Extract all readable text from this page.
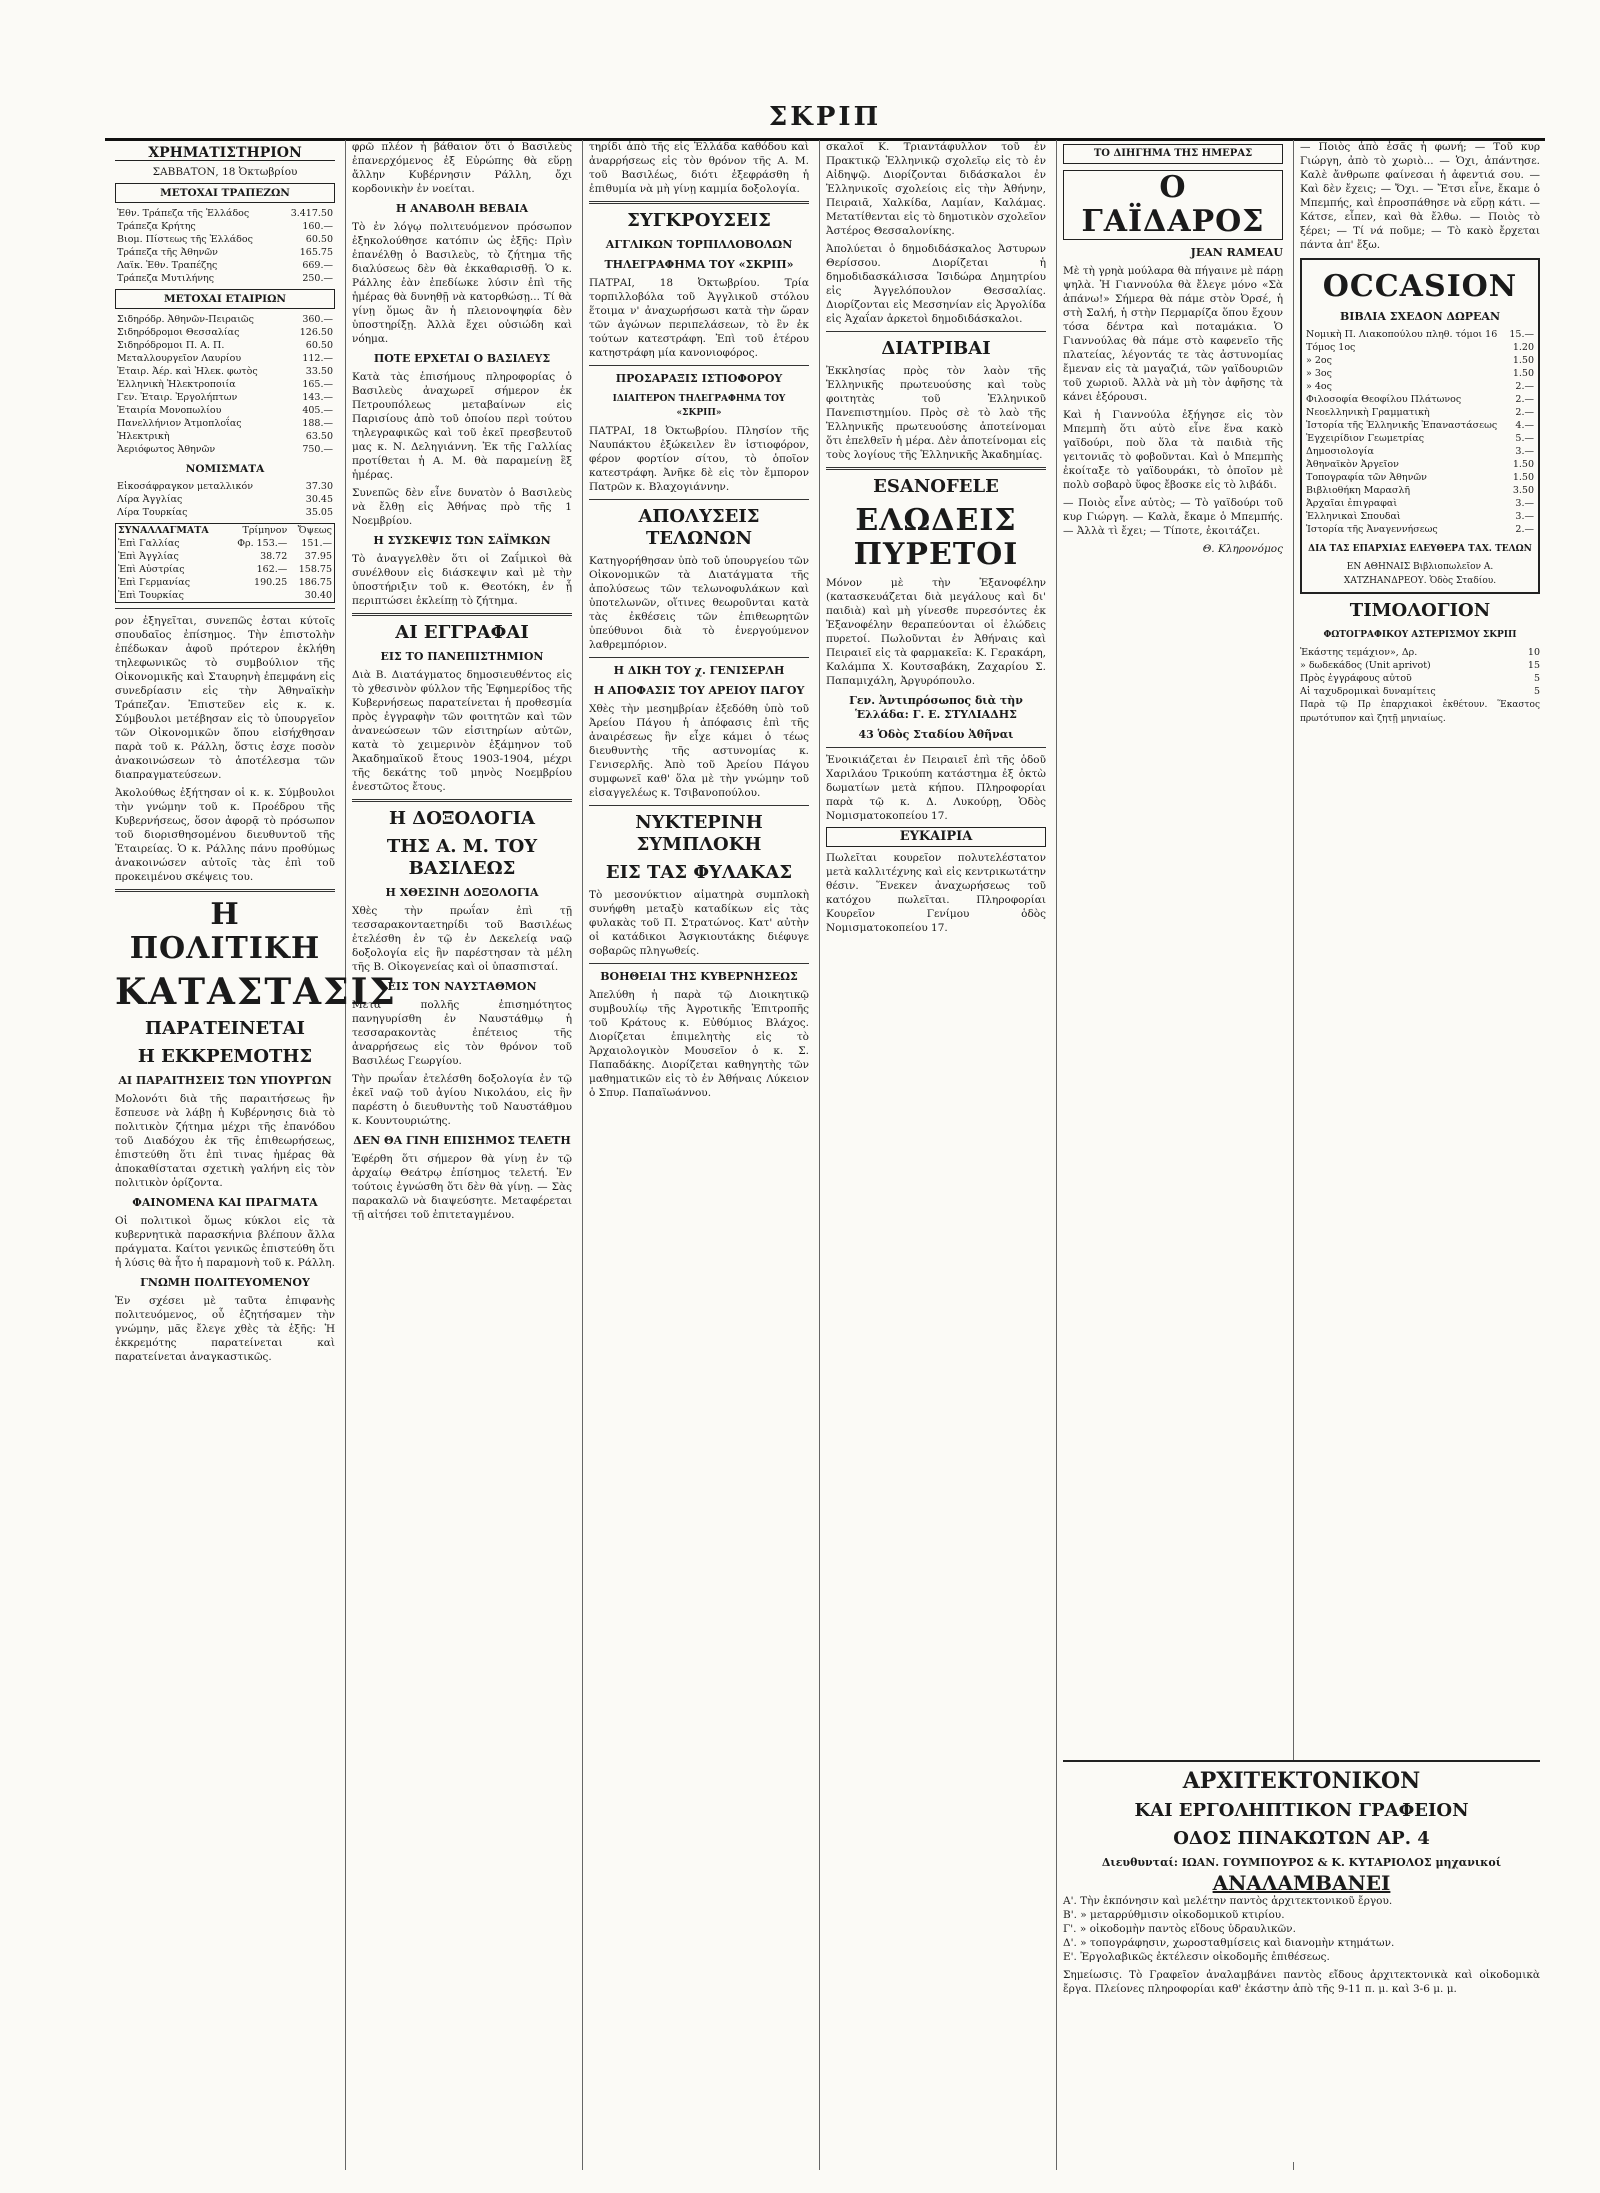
ΣΚΡΙΠ
ΧΡΗΜΑΤΙΣΤΗΡΙΟΝ
ΣΑΒΒΑΤΟΝ, 18 Ὀκτωβρίου
ΜΕΤΟΧΑΙ ΤΡΑΠΕΖΩΝ
Ἐθν. Τράπεζα τῆς Ἑλλάδος	3.417.50
Τράπεζα Κρήτης	160.—
Βιομ. Πίστεως τῆς Ἑλλάδος	60.50
Τράπεζα τῆς Ἀθηνῶν	165.75
Λαϊκ. Ἐθν. Τραπέζης	669.—
Τράπεζα Μυτιλήνης	250.—
ΜΕΤΟΧΑΙ ΕΤΑΙΡΙΩΝ
Σιδηρόδρ. Ἀθηνῶν-Πειραιῶς	360.—
Σιδηρόδρομοι Θεσσαλίας	126.50
Σιδηρόδρομοι Π. Α. Π.	60.50
Μεταλλουργεῖον Λαυρίου	112.—
Ἐταιρ. Ἀέρ. καὶ Ἠλεκ. φωτὸς	33.50
Ἑλληνικὴ Ἠλεκτροποιία	165.—
Γεν. Ἐταιρ. Ἐργολήπτων	143.—
Ἐταιρία Μονοπωλίου	405.—
Πανελλήνιον Ἀτμοπλοΐας	188.—
Ἠλεκτρικὴ	63.50
Ἀεριόφωτος Ἀθηνῶν	750.—
ΝΟΜΙΣΜΑΤΑ
Εἰκοσάφραγκον μεταλλικόν	37.30
Λίρα Ἀγγλίας	30.45
Λίρα Τουρκίας	35.05
ΣΥΝΑΛΛΑΓΜΑΤΑ	Τρίμηνον	Ὄψεως
Ἐπὶ Γαλλίας	Φρ. 153.—	151.—
Ἐπὶ Ἀγγλίας	38.72	37.95
Ἐπὶ Αὐστρίας	162.—	158.75
Ἐπὶ Γερμανίας	190.25	186.75
Ἐπὶ Τουρκίας		30.40

ρον ἐξηγεῖται, συνεπῶς ἐσται κύτοῖς σπουδαῖος ἐπίσημος. Τὴν ἐπιστολὴν ἐπέδωκαν ἀφοῦ πρότερον ἐκλήθη τηλεφωνικῶς τὸ συμβούλιον τῆς Οἰκονομικῆς καὶ Σταυρηνὴ ἐπεμφάνη εἰς συνεδρίασιν εἰς τὴν Ἀθηναϊκὴν Τράπεζαν. Ἐπιστεῦεν εἰς κ. κ. Σύμβουλοι μετέβησαν εἰς τὸ ὑπουργεῖον τῶν Οἰκονομικῶν ὅπου εἰσήχθησαν παρὰ τοῦ κ. Ράλλη, ὅστις ἐσχε ποσὸν ἀνακοινώσεων τὸ ἀποτέλεσμα τῶν διαπραγματεύσεων.

Ἀκολούθως ἐξήτησαν οἱ κ. κ. Σύμβουλοι τὴν γνώμην τοῦ κ. Προέδρου τῆς Κυβερνήσεως, ὅσον ἀφορᾷ τὸ πρόσωπον τοῦ διορισθησομένου διευθυντοῦ τῆς Ἐταιρείας. Ὁ κ. Ράλλης πάνυ προθύμως ἀνακοινώσεν αὐτοῖς τὰς ἐπὶ τοῦ προκειμένου σκέψεις του.

Η ΠΟΛΙΤΙΚΗ
ΚΑΤΑΣΤΑΣΙΣ
ΠΑΡΑΤΕΙΝΕΤΑΙ
Η ΕΚΚΡΕΜΟΤΗΣ
ΑΙ ΠΑΡΑΙΤΗΣΕΙΣ ΤΩΝ ΥΠΟΥΡΓΩΝ

Μολονότι διὰ τῆς παραιτήσεως ἣν ἔσπευσε νὰ λάβῃ ἡ Κυβέρνησις διὰ τὸ πολιτικὸν ζήτημα μέχρι τῆς ἐπανόδου τοῦ Διαδόχου ἐκ τῆς ἐπιθεωρήσεως, ἐπιστεύθη ὅτι ἐπὶ τινας ἡμέρας θὰ ἀποκαθίσταται σχετικὴ γαλήνη εἰς τὸν πολιτικὸν ὁρίζοντα.

ΦΑΙΝΟΜΕΝΑ ΚΑΙ ΠΡΑΓΜΑΤΑ

Οἱ πολιτικοὶ ὅμως κύκλοι εἰς τὰ κυβερνητικὰ παρασκήνια βλέπουν ἄλλα πράγματα. Καίτοι γενικῶς ἐπιστεύθη ὅτι ἡ λύσις θὰ ἦτο ἡ παραμονὴ τοῦ κ. Ράλλη.

ΓΝΩΜΗ ΠΟΛΙΤΕΥΟΜΕΝΟΥ

Ἐν σχέσει μὲ ταῦτα ἐπιφανὴς πολιτευόμενος, οὗ ἐζητήσαμεν τὴν γνώμην, μᾶς ἔλεγε χθὲς τὰ ἑξῆς: Ἡ ἐκκρεμότης παρατείνεται καὶ παρατείνεται ἀναγκαστικῶς.

φρῶ πλέον ἡ βάθαιον ὅτι ὁ Βασιλεὺς ἐπανερχόμενος ἐξ Εὐρώπης θὰ εὕρῃ ἄλλην Κυβέρνησιν Ράλλη, ὄχι κορδονικὴν ἐν νοείται.

Η ΑΝΑΒΟΛΗ ΒΕΒΑΙΑ

Τὸ ἐν λόγῳ πολιτευόμενον πρόσωπον ἐξηκολούθησε κατόπιν ὡς ἑξῆς: Πρὶν ἐπανέλθῃ ὁ Βασιλεὺς, τὸ ζήτημα τῆς διαλύσεως δὲν θὰ ἐκκαθαρισθῇ. Ὁ κ. Ράλλης ἐὰν ἐπεδίωκε λύσιν ἐπὶ τῆς ἡμέρας θὰ δυνηθῇ νὰ κατορθώσῃ... Τί θὰ γίνῃ ὅμως ἂν ἡ πλειονοψηφία δὲν ὑποστηρίξῃ. Ἀλλὰ ἔχει οὐσιώδη καὶ νόημα.

ΠΟΤΕ ΕΡΧΕΤΑΙ Ο ΒΑΣΙΛΕΥΣ

Κατὰ τὰς ἐπισήμους πληροφορίας ὁ Βασιλεὺς ἀναχωρεῖ σήμερον ἐκ Πετρουπόλεως μεταβαίνων εἰς Παρισίους ἀπὸ τοῦ ὁποίου περὶ τούτου τηλεγραφικῶς καὶ τοῦ ἐκεῖ πρεσβευτοῦ μας κ. Ν. Δεληγιάννη. Ἐκ τῆς Γαλλίας προτίθεται ἡ Α. Μ. θὰ παραμείνῃ ἓξ ἡμέρας.

Συνεπῶς δὲν εἶνε δυνατὸν ὁ Βασιλεὺς νὰ ἔλθῃ εἰς Ἀθήνας πρὸ τῆς 1 Νοεμβρίου.

Η ΣΥΣΚΕΨΙΣ ΤΩΝ ΣΑΪΜΚΩΝ

Τὸ ἀναγγελθὲν ὅτι οἱ Ζαΐμικοὶ θὰ συνέλθουν εἰς διάσκεψιν καὶ μὲ τὴν ὑποστήριξιν τοῦ κ. Θεοτόκη, ἐν ᾗ περιπτώσει ἐκλείπῃ τὸ ζήτημα.

ΑΙ ΕΓΓΡΑΦΑΙ
ΕΙΣ ΤΟ ΠΑΝΕΠΙΣΤΗΜΙΟΝ

Διὰ Β. Διατάγματος δημοσιευθέντος εἰς τὸ χθεσινὸν φύλλον τῆς Ἐφημερίδος τῆς Κυβερνήσεως παρατείνεται ἡ προθεσμία πρὸς ἐγγραφὴν τῶν φοιτητῶν καὶ τῶν ἀνανεώσεων τῶν εἰσιτηρίων αὐτῶν, κατὰ τὸ χειμερινὸν ἑξάμηνον τοῦ Ἀκαδημαϊκοῦ ἔτους 1903-1904, μέχρι τῆς δεκάτης τοῦ μηνὸς Νοεμβρίου ἐνεστῶτος ἔτους.

Η ΔΟΞΟΛΟΓΙΑ
ΤΗΣ Α. Μ. ΤΟΥ ΒΑΣΙΛΕΩΣ
Η ΧΘΕΣΙΝΗ ΔΟΞΟΛΟΓΙΑ

Χθὲς τὴν πρωΐαν ἐπὶ τῇ τεσσαρακονταετηρίδι τοῦ Βασιλέως ἐτελέσθη ἐν τῷ ἐν Δεκελείᾳ ναῷ δοξολογία εἰς ἣν παρέστησαν τὰ μέλη τῆς Β. Οἰκογενείας καὶ οἱ ὑπασπισταί.

ΕΙΣ ΤΟΝ ΝΑΥΣΤΑΘΜΟΝ

Μετὰ πολλῆς ἐπισημότητος πανηγυρίσθη ἐν Ναυστάθμῳ ἡ τεσσαρακοντὰς ἐπέτειος τῆς ἀναρρήσεως εἰς τὸν θρόνον τοῦ Βασιλέως Γεωργίου.

Τὴν πρωΐαν ἐτελέσθη δοξολογία ἐν τῷ ἐκεῖ ναῷ τοῦ ἁγίου Νικολάου, εἰς ἣν παρέστη ὁ διευθυντὴς τοῦ Ναυστάθμου κ. Κουντουριώτης.

ΔΕΝ ΘΑ ΓΙΝΗ ΕΠΙΣΗΜΟΣ ΤΕΛΕΤΗ

Ἐφέρθη ὅτι σήμερον θὰ γίνῃ ἐν τῷ ἀρχαίῳ Θεάτρῳ ἐπίσημος τελετή. Ἐν τούτοις ἐγνώσθη ὅτι δὲν θὰ γίνῃ. — Σὰς παρακαλῶ νὰ διαψεύσητε. Μεταφέρεται τῇ αἰτήσει τοῦ ἐπιτεταγμένου.

τηρίδι ἀπὸ τῆς εἰς Ἑλλάδα καθόδου καὶ ἀναρρήσεως εἰς τὸν θρόνον τῆς Α. Μ. τοῦ Βασιλέως, διότι ἐξεφράσθη ἡ ἐπιθυμία νὰ μὴ γίνῃ καμμία δοξολογία.

ΣΥΓΚΡΟΥΣΕΙΣ
ΑΓΓΛΙΚΩΝ ΤΟΡΠΙΛΛΟΒΟΛΩΝ
ΤΗΛΕΓΡΑΦΗΜΑ ΤΟΥ «ΣΚΡΙΠ»

ΠΑΤΡΑΙ, 18 Ὀκτωβρίου. Τρία τορπιλλοβόλα τοῦ Ἀγγλικοῦ στόλου ἕτοιμα ν' ἀναχωρήσωσι κατὰ τὴν ὥραν τῶν ἀγώνων περιπελάσεων, τὸ ἓν ἐκ τούτων κατεστράφη. Ἐπὶ τοῦ ἑτέρου κατηστράφη μία κανονιοφόρος.

ΠΡΟΣΑΡΑΞΙΣ ΙΣΤΙΟΦΟΡΟΥ
ΙΔΙΑΙΤΕΡΟΝ ΤΗΛΕΓΡΑΦΗΜΑ ΤΟΥ «ΣΚΡΙΠ»

ΠΑΤΡΑΙ, 18 Ὀκτωβρίου. Πλησίον τῆς Ναυπάκτου ἐξώκειλεν ἓν ἱστιοφόρον, φέρον φορτίον σίτου, τὸ ὁποῖον κατεστράφη. Ἀνῆκε δὲ εἰς τὸν ἔμπορον Πατρῶν κ. Βλαχογιάννην.

ΑΠΟΛΥΣΕΙΣ ΤΕΛΩΝΩΝ

Κατηγορήθησαν ὑπὸ τοῦ ὑπουργείου τῶν Οἰκονομικῶν τὰ Διατάγματα τῆς ἀπολύσεως τῶν τελωνοφυλάκων καὶ ὑποτελωνῶν, οἵτινες θεωροῦνται κατὰ τὰς ἐκθέσεις τῶν ἐπιθεωρητῶν ὑπεύθυνοι διὰ τὸ ἐνεργούμενον λαθρεμπόριον.

Η ΔΙΚΗ ΤΟΥ χ. ΓΕΝΙΣΕΡΛΗ
Η ΑΠΟΦΑΣΙΣ ΤΟΥ ΑΡΕΙΟΥ ΠΑΓΟΥ

Χθὲς τὴν μεσημβρίαν ἐξεδόθη ὑπὸ τοῦ Ἀρείου Πάγου ἡ ἀπόφασις ἐπὶ τῆς ἀναιρέσεως ἣν εἶχε κάμει ὁ τέως διευθυντὴς τῆς αστυνομίας κ. Γενισερλῆς. Ἀπὸ τοῦ Ἀρείου Πάγου συμφωνεῖ καθ' ὅλα μὲ τὴν γνώμην τοῦ εἰσαγγελέως κ. Τσιβανοπούλου.

ΝΥΚΤΕΡΙΝΗ ΣΥΜΠΛΟΚΗ
ΕΙΣ ΤΑΣ ΦΥΛΑΚΑΣ

Τὸ μεσονύκτιον αἱματηρὰ συμπλοκὴ συνήφθη μεταξὺ καταδίκων εἰς τὰς φυλακὰς τοῦ Π. Στρατώνος. Κατ' αὐτὴν οἱ κατάδικοι Ἀσγκιουτάκης διέφυγε σοβαρῶς πληγωθείς.

ΒΟΗΘΕΙΑΙ ΤΗΣ ΚΥΒΕΡΝΗΣΕΩΣ

Ἀπελύθη ἡ παρὰ τῷ Διοικητικῷ συμβουλίῳ τῆς Ἀγροτικῆς Ἐπιτροπῆς τοῦ Κράτους κ. Εὐθύμιος Βλάχος. Διορίζεται ἐπιμελητὴς εἰς τὸ Ἀρχαιολογικὸν Μουσεῖον ὁ κ. Σ. Παπαδάκης. Διορίζεται καθηγητὴς τῶν μαθηματικῶν εἰς τὸ ἐν Ἀθήναις Λύκειον ὁ Σπυρ. Παπαϊωάννου.

σκαλοῖ Κ. Τριαντάφυλλον τοῦ ἐν Πρακτικῷ Ἑλληνικῷ σχολεῖῳ εἰς τὸ ἐν Αἰδηψῷ. Διορίζονται διδάσκαλοι ἐν Ἑλληνικοῖς σχολείοις εἰς τὴν Ἀθήνην, Πειραιᾶ, Χαλκίδα, Λαμίαν, Καλάμας. Μετατίθενται εἰς τὸ δημοτικὸν σχολεῖον Ἀστέρος Θεσσαλονίκης.

Ἀπολύεται ὁ δημοδιδάσκαλος Ἀστυρων Θερίσσου. Διορίζεται ἡ δημοδιδασκάλισσα Ἰσιδώρα Δημητρίου εἰς Ἀγγελόπουλον Θεσσαλίας. Διορίζονται εἰς Μεσσηνίαν εἰς Ἀργολίδα εἰς Ἀχαΐαν ἀρκετοὶ δημοδιδάσκαλοι.

ΔΙΑΤΡΙΒΑΙ

Ἐκκλησίας πρὸς τὸν λαὸν τῆς Ἑλληνικῆς πρωτευούσης καὶ τοὺς φοιτητὰς τοῦ Ἑλληνικοῦ Πανεπιστημίου. Πρὸς σὲ τὸ λαὸ τῆς Ἑλληνικῆς πρωτευούσης ἀποτείνομαι ὅτι ἐπελθεῖν ἡ μέρα. Δὲν ἀποτείνομαι εἰς τοὺς λογίους τῆς Ἑλληνικῆς Ἀκαδημίας.

ESANOFELE
ΕΛΩΔΕΙΣ ΠΥΡΕΤΟΙ

Μόνον μὲ τὴν Ἐξανοφέλην (κατασκευάζεται διὰ μεγάλους καὶ δι' παιδιὰ) καὶ μὴ γίνεσθε πυρεσόντες ἐκ Ἐξανοφέλην θεραπεύονται οἱ ἐλώδεις πυρετοί. Πωλοῦνται ἐν Ἀθήναις καὶ Πειραιεῖ εἰς τὰ φαρμακεῖα: Κ. Γερακάρη, Καλάμπα Χ. Κουτσαβάκη, Ζαχαρίου Σ. Παπαμιχάλη, Ἀργυρόπουλο.

Γεν. Ἀντιπρόσωπος διὰ τὴν Ἑλλάδα: Γ. Ε. ΣΤΥΛΙΑΔΗΣ
43 Ὁδὸς Σταδίου Ἀθῆναι

Ἐνοικιάζεται ἐν Πειραιεῖ ἐπὶ τῆς ὁδοῦ Χαριλάου Τρικούπη κατάστημα ἐξ ὀκτὼ δωματίων μετὰ κήπου. Πληροφορίαι παρὰ τῷ κ. Δ. Λυκούρῃ, Ὁδὸς Νομισματοκοπείου 17.

ΕΥΚΑΙΡΙΑ

Πωλεῖται κουρεῖον πολυτελέστατον μετὰ καλλιτέχνης καὶ εἰς κεντρικωτάτην θέσιν. Ἕνεκεν ἀναχωρήσεως τοῦ κατόχου πωλεῖται. Πληροφορίαι Κουρεῖον Γενίμου ὁδὸς Νομισματοκοπείου 17.

ΤΟ ΔΙΗΓΗΜΑ ΤΗΣ ΗΜΕΡΑΣ
Ο ΓΑΪΔΑΡΟΣ
JEAN RAMEAU

Μὲ τὴ γρηὰ μούλαρα θὰ πήγαινε μὲ πάρῃ ψηλὰ. Ἡ Γιαννούλα θὰ ἔλεγε μόνο «Σὰ ἀπάνω!» Σήμερα θὰ πάμε στὸν Ὀρσέ, ἡ στὴ Σαλή, ἡ στὴν Περμαρίζα ὅπου ἔχουν τόσα δέντρα καὶ ποταμάκια. Ὁ Γιαννούλας θὰ πάμε στὸ καφενεῖο τῆς πλατείας, λέγοντάς τε τὰς ἀστυνομίας ἔμεναν εἰς τὰ μαγαζιά, τῶν γαϊδουριῶν τοῦ χωριοῦ. Ἀλλὰ νὰ μὴ τὸν ἀφῆσης τὰ κάνει ἐξόρουσι.

Καὶ ἡ Γιαννούλα ἐξήγησε εἰς τὸν Μπεμπὴ ὅτι αὐτὸ εἶνε ἕνα κακὸ γαϊδούρι, ποὺ ὅλα τὰ παιδιὰ τῆς γειτονιᾶς τὸ φοβοῦνται. Καὶ ὁ Μπεμπὴς ἐκοίταξε τὸ γαϊδουράκι, τὸ ὁποῖον μὲ πολὺ σοβαρὸ ὕφος ἔβοσκε εἰς τὸ λιβάδι.

— Ποιὸς εἶνε αὐτὸς; — Τὸ γαϊδούρι τοῦ κυρ Γιώργη. — Καλὰ, ἔκαμε ὁ Μπεμπής. — Ἀλλὰ τὶ ἔχει; — Τίποτε, ἐκοιτάζει.

Θ. Κληρονόμος

— Ποιὸς ἀπὸ ἐσᾶς ἡ φωνή; — Τοῦ κυρ Γιώργη, ἀπὸ τὸ χωριὸ... — Ὁχι, ἀπάντησε. Καλὲ ἄνθρωπε φαίνεσαι ἡ ἀφεντιά σου. — Καὶ δὲν ἔχεις; — Ὄχι. — Ἔτσι εἶνε, ἔκαμε ὁ Μπεμπής, καὶ ἐπροσπάθησε νὰ εὕρῃ κάτι. — Κάτσε, εἶπεν, καὶ θὰ ἔλθω. — Ποιὸς τὸ ξέρει; — Τί νά ποῦμε; — Τὸ κακὸ ἔρχεται πάντα ἀπ' ἔξω.

OCCASION
ΒΙΒΛΙΑ ΣΧΕΔΟΝ ΔΩΡΕΑΝ
Νομικὴ Π. Λιακοπούλου πληθ. τόμοι 16 15.—
Τόμος 1ος	1.20
» 2ος	1.50
» 3ος	1.50
» 4ος	2.—
Φιλοσοφία Θεοφίλου Πλάτωνος	2.—
Νεοελληνικὴ Γραμματικὴ	2.—
Ἱστορία τῆς Ἑλληνικῆς Ἐπαναστάσεως 4.—
Ἐγχειρίδιον Γεωμετρίας	5.—
Δημοσιολογία	3.—
Ἀθηναϊκὸν Ἀργεῖον	1.50
Τοπογραφία τῶν Ἀθηνῶν	1.50
Βιβλιοθήκη Μαρασλῆ	3.50
Ἀρχαῖαι ἐπιγραφαὶ	3.—
Ἑλληνικαὶ Σπουδαὶ	3.—
Ἱστορία τῆς Ἀναγεννήσεως	2.—
ΔΙΑ ΤΑΣ ΕΠΑΡΧΙΑΣ ΕΛΕΥΘΕΡΑ ΤΑΧ. ΤΕΛΩΝ
ΕΝ ΑΘΗΝΑΙΣ Βιβλιοπωλεῖον Α. ΧΑΤΖΗΑΝΔΡΕΟΥ. Ὁδὸς Σταδίου.
ΤΙΜΟΛΟΓΙΟΝ
ΦΩΤΟΓΡΑΦΙΚΟΥ ΑΣΤΕΡΙΣΜΟΥ ΣΚΡΙΠ
Ἐκάστης τεμάχιον», Δρ.	10
» δωδεκάδος (Unit aprivot)	15
Πρὸς ἐγγράφους αὐτοῦ	5
Αἱ ταχυδρομικαὶ δυναμίτεις	5

Παρὰ τῷ Πρ ἐπαρχιακοὶ ἐκθέτουν. Ἕκαστος πρωτότυπον καὶ ζητῇ μηνιαίως.

ΑΡΧΙΤΕΚΤΟΝΙΚΟΝ
ΚΑΙ ΕΡΓΟΛΗΠΤΙΚΟΝ ΓΡΑΦΕΙΟΝ
ΟΔΟΣ ΠΙΝΑΚΩΤΩΝ ΑΡ. 4
Διευθυνταί: ΙΩΑΝ. ΓΟΥΜΠΟΥΡΟΣ & Κ. ΚΥΤΑΡΙΟΛΟΣ μηχανικοί
ΑΝΑΛΑΜΒΑΝΕΙ
Α'. Τὴν ἐκπόνησιν καὶ μελέτην παντὸς ἀρχιτεκτονικοῦ ἔργου.
Β'. » μεταρρύθμισιν οἰκοδομικοῦ κτιρίου.
Γ'. » οἰκοδομὴν παντὸς εἴδους ὑδραυλικῶν.
Δ'. » τοπογράφησιν, χωροσταθμίσεις καὶ διανομὴν κτημάτων.
Ε'. Ἐργολαβικῶς ἐκτέλεσιν οἰκοδομῆς ἐπιθέσεως.

Σημείωσις. Τὸ Γραφεῖον ἀναλαμβάνει παντὸς εἴδους ἀρχιτεκτονικὰ καὶ οἰκοδομικὰ ἔργα. Πλείονες πληροφορίαι καθ' ἑκάστην ἀπὸ τῆς 9-11 π. μ. καὶ 3-6 μ. μ.
